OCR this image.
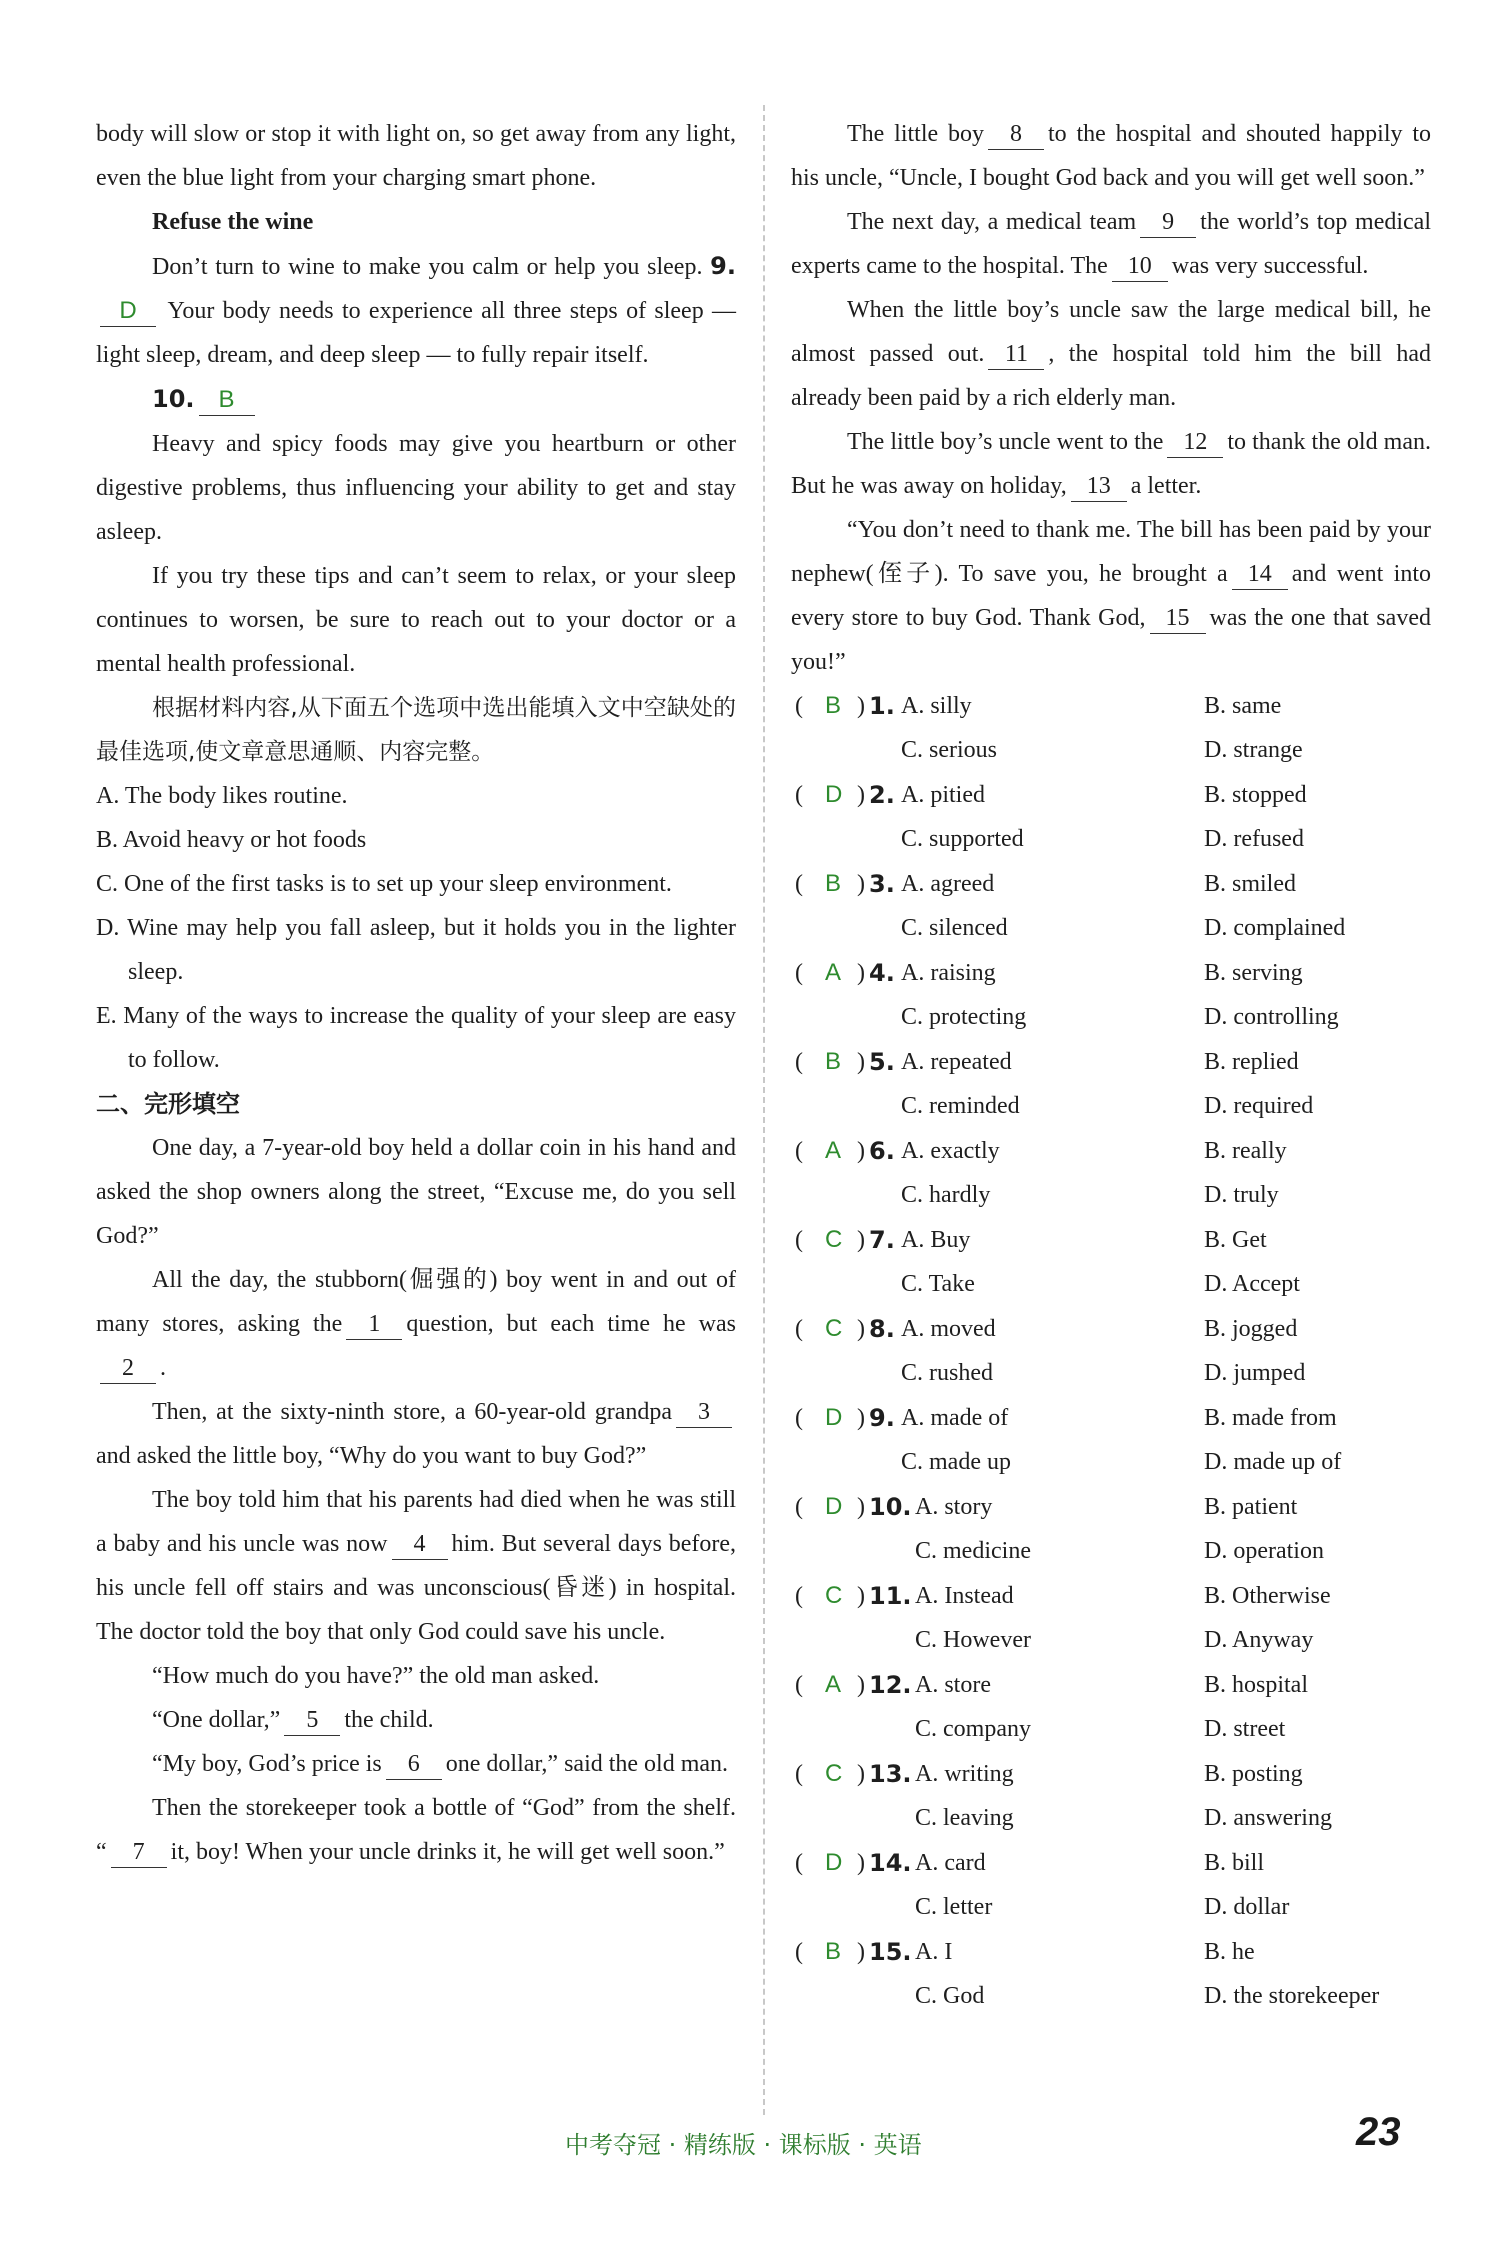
body will slow or stop it with light on, so get away from any light, even the blue light from your charging smart phone.

Refuse the wine

Don’t turn to wine to make you calm or help you sleep. 9.D Your body needs to experience all three steps of sleep — light sleep, dream, and deep sleep — to fully repair itself.

10. B

Heavy and spicy foods may give you heartburn or other digestive problems, thus influencing your ability to get and stay asleep.

If you try these tips and can’t seem to relax, or your sleep continues to worsen, be sure to reach out to your doctor or a mental health professional.

根据材料内容,从下面五个选项中选出能填入文中空缺处的最佳选项,使文章意思通顺、内容完整。

A. The body likes routine.

B. Avoid heavy or hot foods

C. One of the first tasks is to set up your sleep environment.

D. Wine may help you fall asleep, but it holds you in the lighter sleep.

E. Many of the ways to increase the quality of your sleep are easy to follow.

二、完形填空

One day, a 7-year-old boy held a dollar coin in his hand and asked the shop owners along the street, “Excuse me, do you sell God?”

All the day, the stubborn(倔强的) boy went in and out of many stores, asking the 1 question, but each time he was2 .

Then, at the sixty-ninth store, a 60-year-old grandpa 3and asked the little boy, “Why do you want to buy God?”

The boy told him that his parents had died when he was still a baby and his uncle was now 4 him. But several days before, his uncle fell off stairs and was unconscious(昏迷) in hospital. The doctor told the boy that only God could save his uncle.

“How much do you have?” the old man asked.

“One dollar,” 5 the child.

“My boy, God’s price is 6 one dollar,” said the old man.

Then the storekeeper took a bottle of “God” from the shelf. “ 7 it, boy! When your uncle drinks it, he will get well soon.”

The little boy 8 to the hospital and shouted happily to his uncle, “Uncle, I bought God back and you will get well soon.”

The next day, a medical team 9 the world’s top medical experts came to the hospital. The 10 was very successful.

When the little boy’s uncle saw the large medical bill, he almost passed out. 11 , the hospital told him the bill had already been paid by a rich elderly man.

The little boy’s uncle went to the 12 to thank the old man. But he was away on holiday, 13 a letter.

“You don’t need to thank me. The bill has been paid by your nephew(侄子). To save you, he brought a 14 and went into every store to buy God. Thank God, 15 was the one that saved you!”

( B ) 1. A. silly	B. same
C. serious	D. strange
( D ) 2. A. pitied	B. stopped
C. supported	D. refused
( B ) 3. A. agreed	B. smiled
C. silenced	D. complained
( A ) 4. A. raising	B. serving
C. protecting	D. controlling
( B ) 5. A. repeated	B. replied
C. reminded	D. required
( A ) 6. A. exactly	B. really
C. hardly	D. truly
( C ) 7. A. Buy	B. Get
C. Take	D. Accept
( C ) 8. A. moved	B. jogged
C. rushed	D. jumped
( D ) 9. A. made of	B. made from
C. made up	D. made up of
( D ) 10. A. story	B. patient
C. medicine	D. operation
( C ) 11. A. Instead	B. Otherwise
C. However	D. Anyway
( A ) 12. A. store	B. hospital
C. company	D. street
( C ) 13. A. writing	B. posting
C. leaving	D. answering
( D ) 14. A. card	B. bill
C. letter	D. dollar
( B ) 15. A. I	B. he
C. God	D. the storekeeper
中考夺冠 · 精练版 · 课标版 · 英语	23
